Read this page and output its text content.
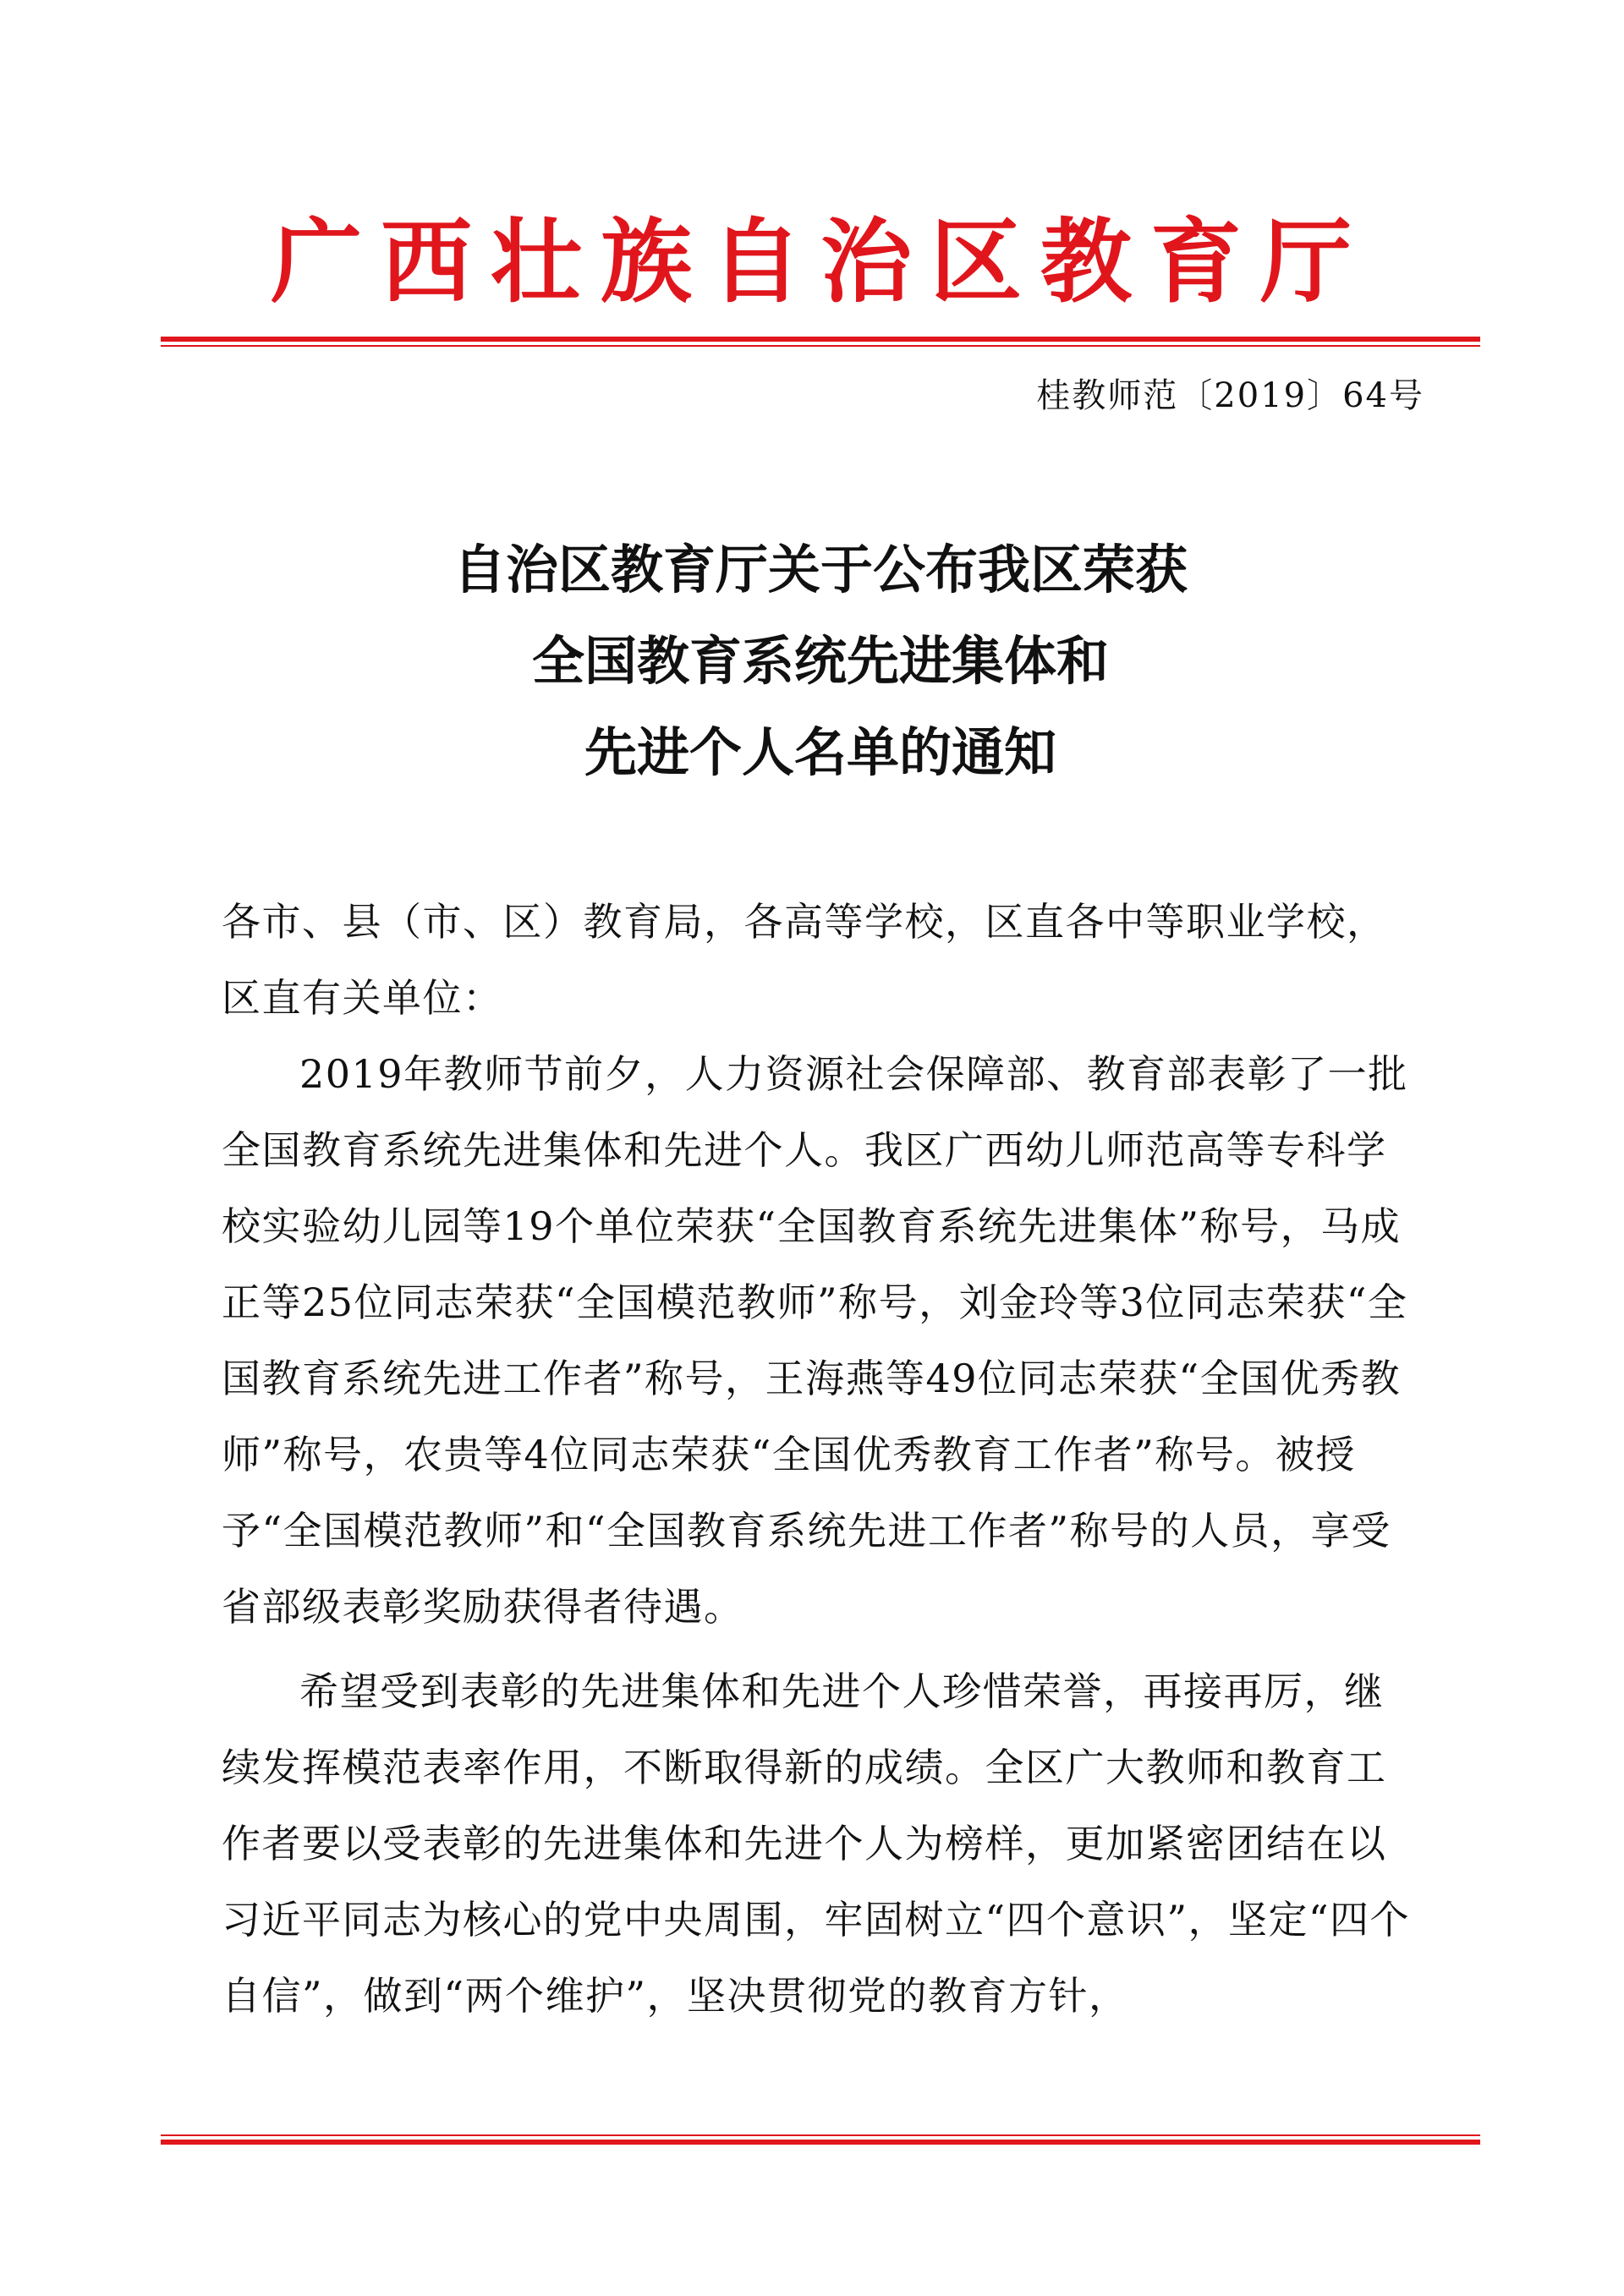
广西壮族自治区教育厅
桂教师范〔2019〕64号
自治区教育厅关于公布我区荣获
全国教育系统先进集体和
先进个人名单的通知

各市、县（市、区）教育局，各高等学校，区直各中等职业学校，区直有关单位：

2019年教师节前夕，人力资源社会保障部、教育部表彰了一批全国教育系统先进集体和先进个人。我区广西幼儿师范高等专科学校实验幼儿园等19个单位荣获“全国教育系统先进集体”称号，马成正等25位同志荣获“全国模范教师”称号，刘金玲等3位同志荣获“全国教育系统先进工作者”称号，王海燕等49位同志荣获“全国优秀教师”称号，农贵等4位同志荣获“全国优秀教育工作者”称号。被授予“全国模范教师”和“全国教育系统先进工作者”称号的人员，享受省部级表彰奖励获得者待遇。

希望受到表彰的先进集体和先进个人珍惜荣誉，再接再厉，继续发挥模范表率作用，不断取得新的成绩。全区广大教师和教育工作者要以受表彰的先进集体和先进个人为榜样，更加紧密团结在以习近平同志为核心的党中央周围，牢固树立“四个意识”，坚定“四个自信”，做到“两个维护”，坚决贯彻党的教育方针，
